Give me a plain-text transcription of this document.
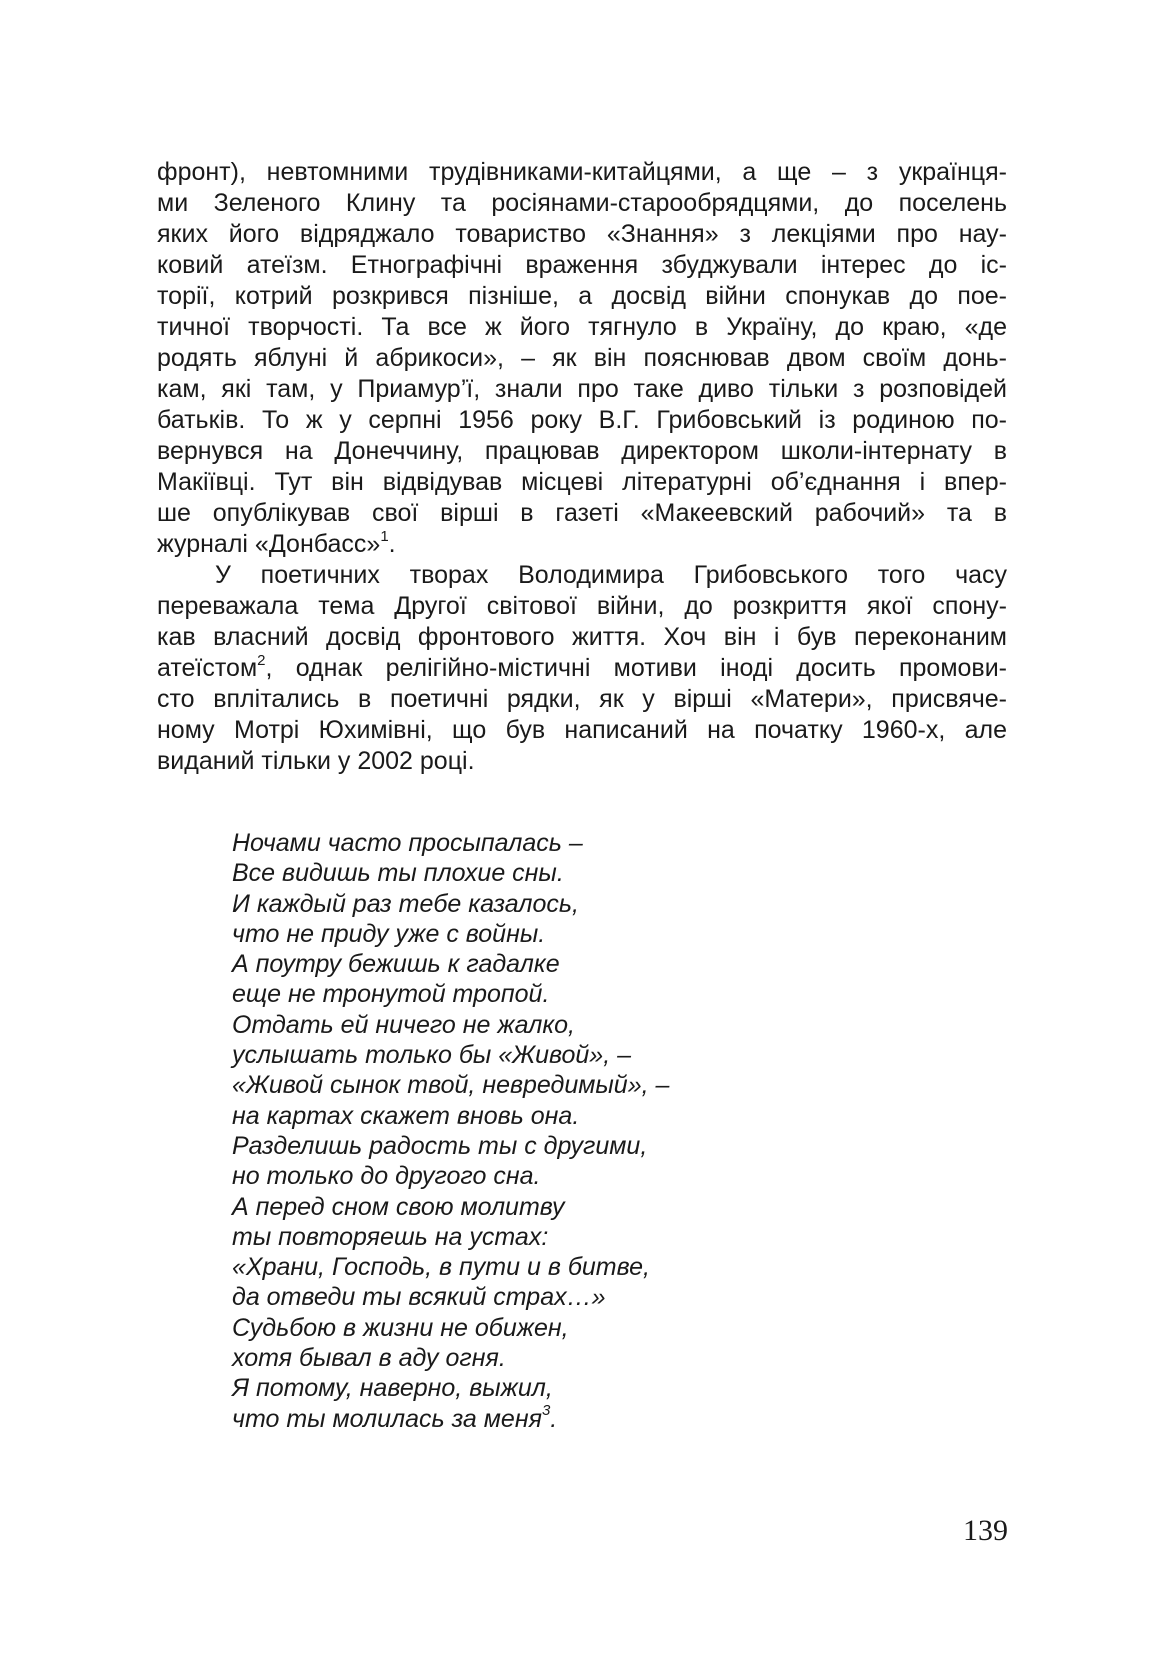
фронт), невтомними трудівниками-китайцями, а ще – з українця-
ми Зеленого Клину та росіянами-старообрядцями, до поселень
яких його відряджало товариство «Знання» з лекціями про нау-
ковий атеїзм. Етнографічні враження збуджували інтерес до іс-
торії, котрий розкрився пізніше, а досвід війни спонукав до пое-
тичної творчості. Та все ж його тягнуло в Україну, до краю, «де
родять яблуні й абрикоси», – як він пояснював двом своїм донь-
кам, які там, у Приамур’ї, знали про таке диво тільки з розповідей
батьків. То ж у серпні 1956 року В.Г. Грибовський із родиною по-
вернувся на Донеччину, працював директором школи-інтернату в
Макіївці. Тут він відвідував місцеві літературні об’єднання і впер-
ше опублікував свої вірші в газеті «Макеевский рабочий» та в
журналі «Донбасс»$^1$.
У поетичних творах Володимира Грибовського того часу
переважала тема Другої світової війни, до розкриття якої спону-
кав власний досвід фронтового життя. Хоч він і був переконаним
атеїстом$^2$, однак релігійно-містичні мотиви іноді досить промови-
сто вплітались в поетичні рядки, як у вірші «Матери», присвяче-
ному Мотрі Юхимівні, що був написаний на початку 1960-х, але
виданий тільки у 2002 році.
Ночами часто просыпалась –
Все видишь ты плохие сны.
И каждый раз тебе казалось,
что не приду уже с войны.
А поутру бежишь к гадалке
еще не тронутой тропой.
Отдать ей ничего не жалко,
услышать только бы «Живой», –
«Живой сынок твой, невредимый», –
на картах скажет вновь она.
Разделишь радость ты с другими,
но только до другого сна.
А перед сном свою молитву
ты повторяешь на устах:
«Храни, Господь, в пути и в битве,
да отведи ты всякий страх…»
Судьбою в жизни не обижен,
хотя бывал в аду огня.
Я потому, наверно, выжил,
что ты молилась за меня$^3$.
139
